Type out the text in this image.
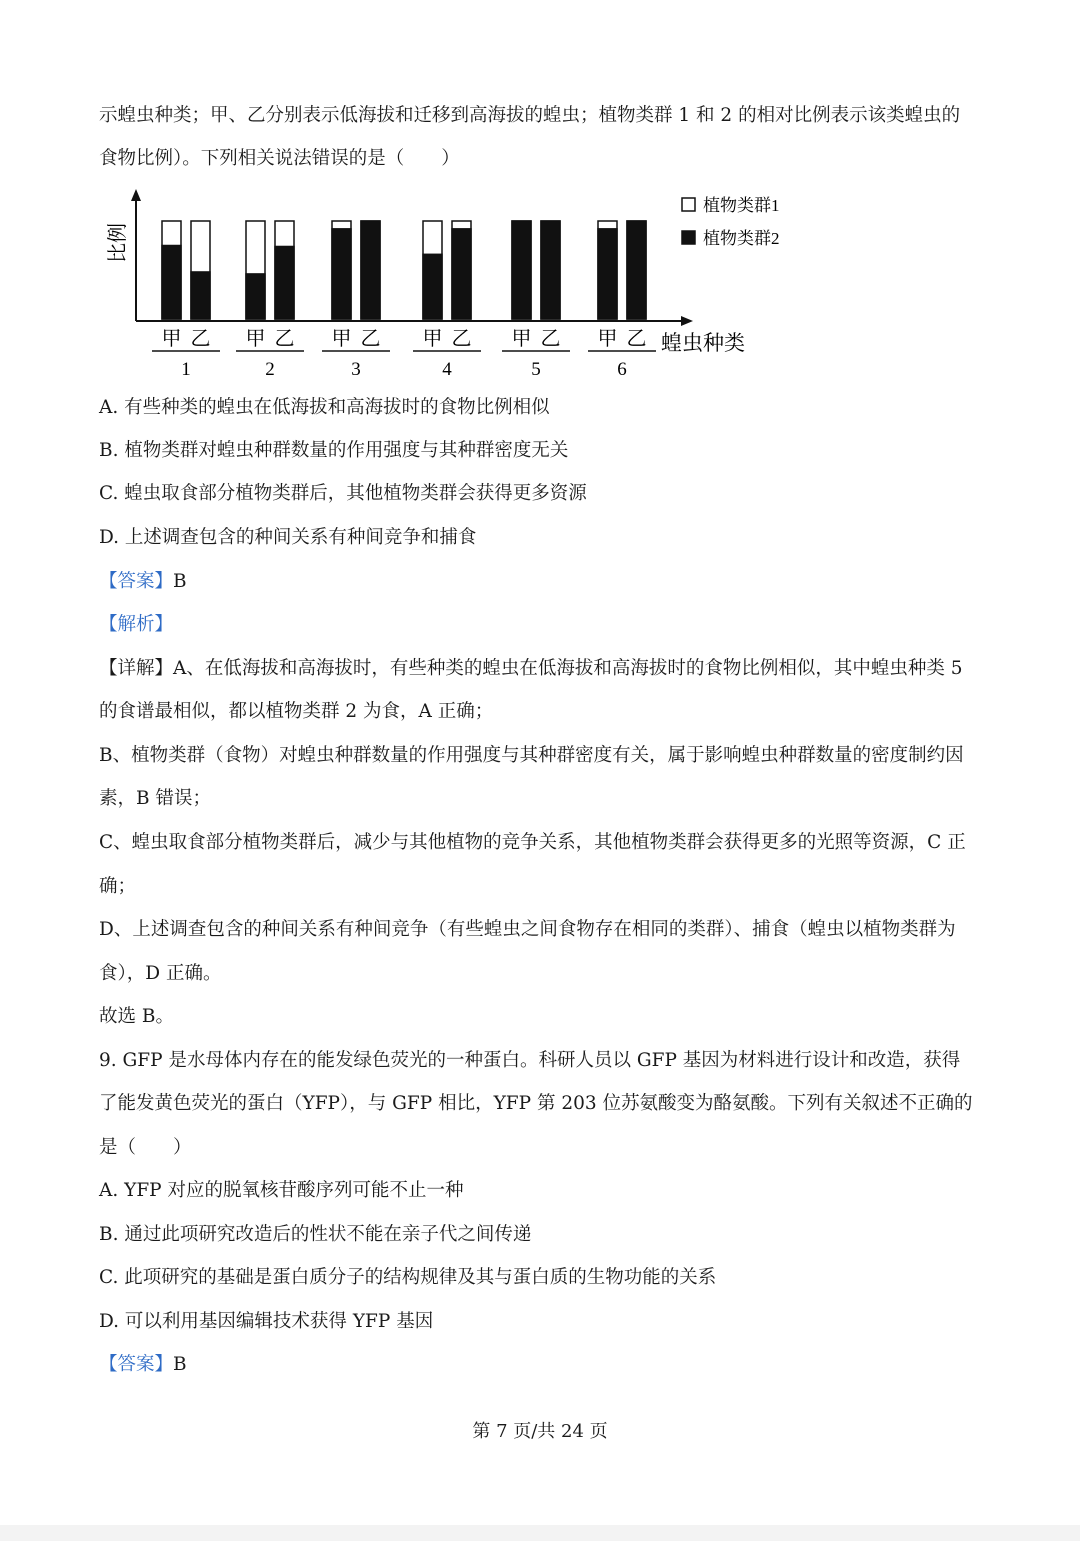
示蝗虫种类；甲、乙分别表示低海拔和迁移到高海拔的蝗虫；植物类群 1 和 2 的相对比例表示该类蝗虫的
食物比例）。下列相关说法错误的是（　　）
比例
甲 乙
1
甲 乙
2
甲 乙
3
甲 乙
4
甲 乙
5
甲 乙
6
植物类群1
植物类群2
蝗虫种类
A. 有些种类的蝗虫在低海拔和高海拔时的食物比例相似
B. 植物类群对蝗虫种群数量的作用强度与其种群密度无关
C. 蝗虫取食部分植物类群后，其他植物类群会获得更多资源
D. 上述调查包含的种间关系有种间竞争和捕食
【答案】B
【解析】
【详解】A、在低海拔和高海拔时，有些种类的蝗虫在低海拔和高海拔时的食物比例相似，其中蝗虫种类 5
的食谱最相似，都以植物类群 2 为食，A 正确；
B、植物类群（食物）对蝗虫种群数量的作用强度与其种群密度有关，属于影响蝗虫种群数量的密度制约因
素，B 错误；
C、蝗虫取食部分植物类群后，减少与其他植物的竞争关系，其他植物类群会获得更多的光照等资源，C 正
确；
D、上述调查包含的种间关系有种间竞争（有些蝗虫之间食物存在相同的类群）、捕食（蝗虫以植物类群为
食），D 正确。
故选 B。
9. GFP 是水母体内存在的能发绿色荧光的一种蛋白。科研人员以 GFP 基因为材料进行设计和改造，获得
了能发黄色荧光的蛋白（YFP），与 GFP 相比，YFP 第 203 位苏氨酸变为酪氨酸。下列有关叙述不正确的
是（　　）
A. YFP 对应的脱氧核苷酸序列可能不止一种
B. 通过此项研究改造后的性状不能在亲子代之间传递
C. 此项研究的基础是蛋白质分子的结构规律及其与蛋白质的生物功能的关系
D. 可以利用基因编辑技术获得 YFP 基因
【答案】B
第 7 页/共 24 页
